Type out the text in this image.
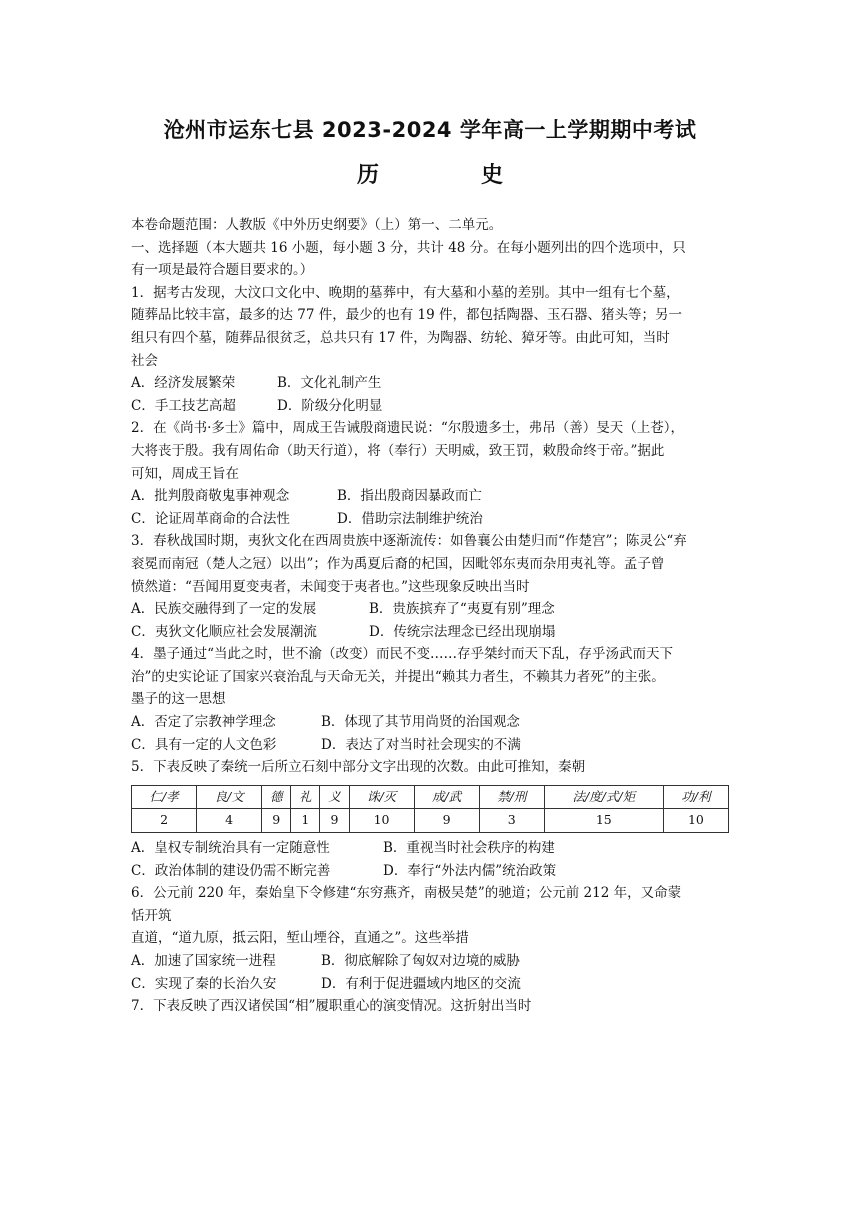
沧州市运东七县 2023-2024 学年高一上学期期中考试
历　史

本卷命题范围：人教版《中外历史纲要》（上）第一、二单元。

一、选择题（本大题共 16 小题，每小题 3 分，共计 48 分。在每小题列出的四个选项中，只

有一项是最符合题目要求的。）

1．据考古发现，大汶口文化中、晚期的墓葬中，有大墓和小墓的差别。其中一组有七个墓，

随葬品比较丰富，最多的达 77 件，最少的也有 19 件，都包括陶器、玉石器、猪头等；另一

组只有四个墓，随葬品很贫乏，总共只有 17 件，为陶器、纺轮、獐牙等。由此可知，当时

社会

A．经济发展繁荣	B．文化礼制产生

C．手工技艺高超	D．阶级分化明显

2．在《尚书·多士》篇中，周成王告诫殷商遗民说：“尔殷遗多士，弗吊（善）旻天（上苍），

大将丧于殷。我有周佑命（助天行道），将（奉行）天明威，致王罚，敕殷命终于帝。”据此

可知，周成王旨在

A．批判殷商敬鬼事神观念	B．指出殷商因暴政而亡

C．论证周革商命的合法性	D．借助宗法制维护统治

3．春秋战国时期，夷狄文化在西周贵族中逐渐流传：如鲁襄公由楚归而“作楚宫”；陈灵公“弃

衮冕而南冠（楚人之冠）以出”；作为禹夏后裔的杞国，因毗邻东夷而杂用夷礼等。孟子曾

愤然道：“吾闻用夏变夷者，未闻变于夷者也。”这些现象反映出当时

A．民族交融得到了一定的发展	B．贵族摈弃了“夷夏有别”理念

C．夷狄文化顺应社会发展潮流	D．传统宗法理念已经出现崩塌

4．墨子通过“当此之时，世不渝（改变）而民不变……存乎桀纣而天下乱，存乎汤武而天下

治”的史实论证了国家兴衰治乱与天命无关，并提出“赖其力者生，不赖其力者死”的主张。

墨子的这一思想

A．否定了宗教神学理念	B．体现了其节用尚贤的治国观念

C．具有一定的人文色彩	D．表达了对当时社会现实的不满

5．下表反映了秦统一后所立石刻中部分文字出现的次数。由此可推知，秦朝

仁/孝	良/文	德	礼	义	诛/灭	成/武	禁/刑	法/度/式/矩	功/利
2	4	9	1	9	10	9	3	15	10

A．皇权专制统治具有一定随意性	B．重视当时社会秩序的构建

C．政治体制的建设仍需不断完善	D．奉行“外法内儒”统治政策

6．公元前 220 年，秦始皇下令修建“东穷燕齐，南极吴楚”的驰道；公元前 212 年，又命蒙

恬开筑

直道，“道九原，抵云阳，堑山堙谷，直通之”。这些举措

A．加速了国家统一进程	B．彻底解除了匈奴对边境的威胁

C．实现了秦的长治久安	D．有利于促进疆域内地区的交流

7．下表反映了西汉诸侯国“相”履职重心的演变情况。这折射出当时
